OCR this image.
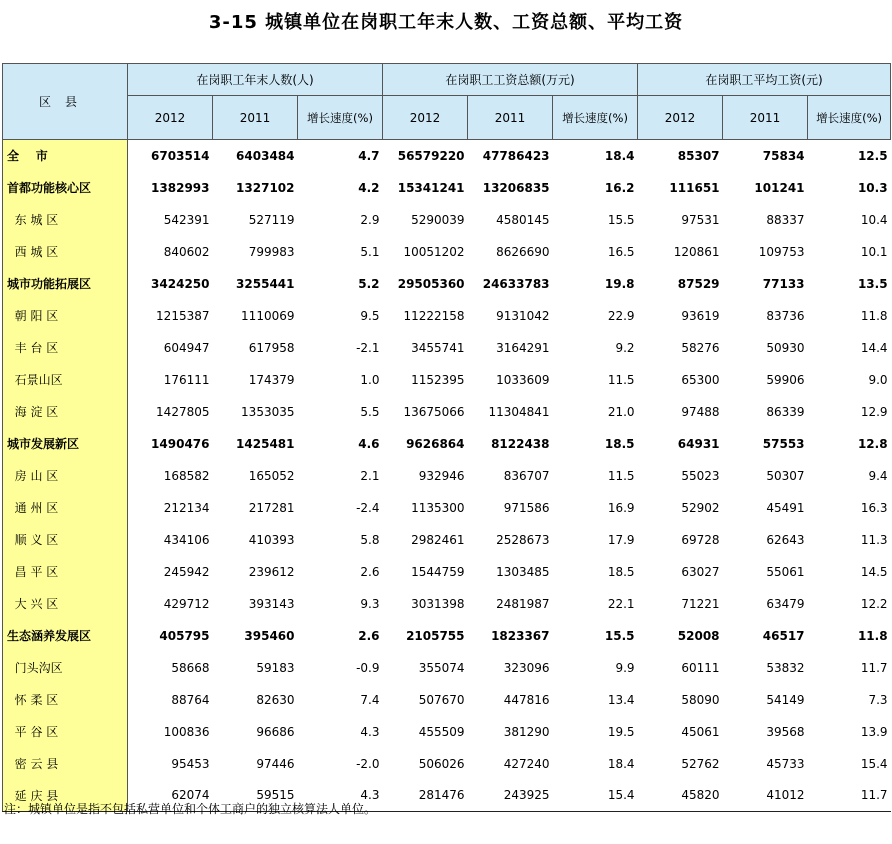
3-15 城镇单位在岗职工年末人数、工资总额、平均工资
区县	在岗职工年末人数(人)			在岗职工工资总额(万元)			在岗职工平均工资(元)		
	2012	2011	增长速度(%)	2012	2011	增长速度(%)	2012	2011	增长速度(%)
全    市	6703514	6403484	4.7	56579220	47786423	18.4	85307	75834	12.5
首都功能核心区	1382993	1327102	4.2	15341241	13206835	16.2	111651	101241	10.3
东 城 区	542391	527119	2.9	5290039	4580145	15.5	97531	88337	10.4
西 城 区	840602	799983	5.1	10051202	8626690	16.5	120861	109753	10.1
城市功能拓展区	3424250	3255441	5.2	29505360	24633783	19.8	87529	77133	13.5
朝 阳 区	1215387	1110069	9.5	11222158	9131042	22.9	93619	83736	11.8
丰 台 区	604947	617958	-2.1	3455741	3164291	9.2	58276	50930	14.4
石景山区	176111	174379	1.0	1152395	1033609	11.5	65300	59906	9.0
海 淀 区	1427805	1353035	5.5	13675066	11304841	21.0	97488	86339	12.9
城市发展新区	1490476	1425481	4.6	9626864	8122438	18.5	64931	57553	12.8
房 山 区	168582	165052	2.1	932946	836707	11.5	55023	50307	9.4
通 州 区	212134	217281	-2.4	1135300	971586	16.9	52902	45491	16.3
顺 义 区	434106	410393	5.8	2982461	2528673	17.9	69728	62643	11.3
昌 平 区	245942	239612	2.6	1544759	1303485	18.5	63027	55061	14.5
大 兴 区	429712	393143	9.3	3031398	2481987	22.1	71221	63479	12.2
生态涵养发展区	405795	395460	2.6	2105755	1823367	15.5	52008	46517	11.8
门头沟区	58668	59183	-0.9	355074	323096	9.9	60111	53832	11.7
怀 柔 区	88764	82630	7.4	507670	447816	13.4	58090	54149	7.3
平 谷 区	100836	96686	4.3	455509	381290	19.5	45061	39568	13.9
密 云 县	95453	97446	-2.0	506026	427240	18.4	52762	45733	15.4
延 庆 县	62074	59515	4.3	281476	243925	15.4	45820	41012	11.7
注：城镇单位是指不包括私营单位和个体工商户的独立核算法人单位。
